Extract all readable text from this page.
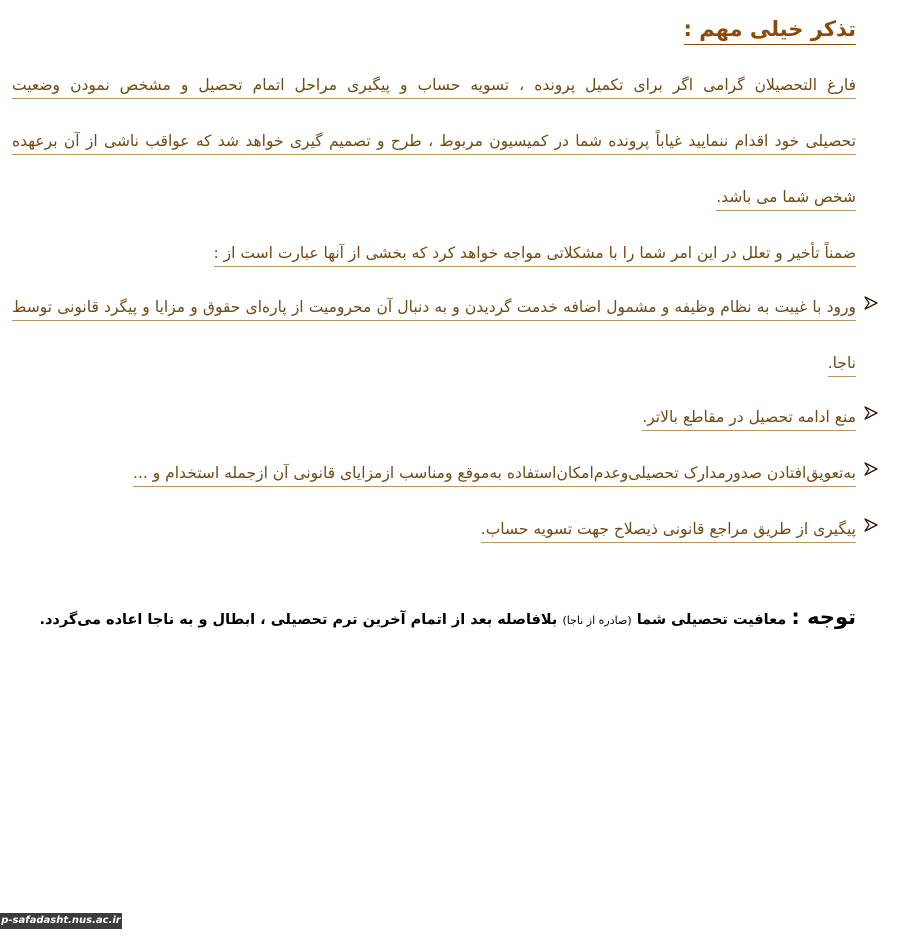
تذکر خیلی مهم :
فارغ التحصیلان گرامی اگر برای تکمیل پرونده ، تسویه حساب و پیگیری مراحل اتمام تحصیل و مشخص نمودن وضعیت
تحصیلی خود اقدام ننمایید غیاباً پرونده شما در کمیسیون مربوط ، طرح و تصمیم گیری خواهد شد که عواقب ناشی از آن برعهده
شخص شما می باشد.
ضمناً تأخیر و تعلل در این امر شما را با مشکلاتی مواجه خواهد کرد که بخشی از آنها عبارت است از :
ورود با غیبت به نظام وظیفه و مشمول اضافه خدمت گردیدن و به دنبال آن محرومیت از پاره‌ای حقوق و مزایا و پیگرد قانونی توسط
ناجا.
منع ادامه تحصیل در مقاطع بالاتر.
به‌تعویق‌افتادن صدورمدارک تحصیلی‌وعدم‌امکان‌استفاده به‌موقع ومناسب ازمزایای قانونی آن ازجمله استخدام و ...
پیگیری از طریق مراجع قانونی ذیصلاح جهت تسویه حساب.
توجه : معافیت تحصیلی شما (صادره از ناجا) بلافاصله بعد از اتمام آخرین ترم تحصیلی ، ابطال و به ناجا اعاده می‌گردد.
p-safadasht.nus.ac.ir
